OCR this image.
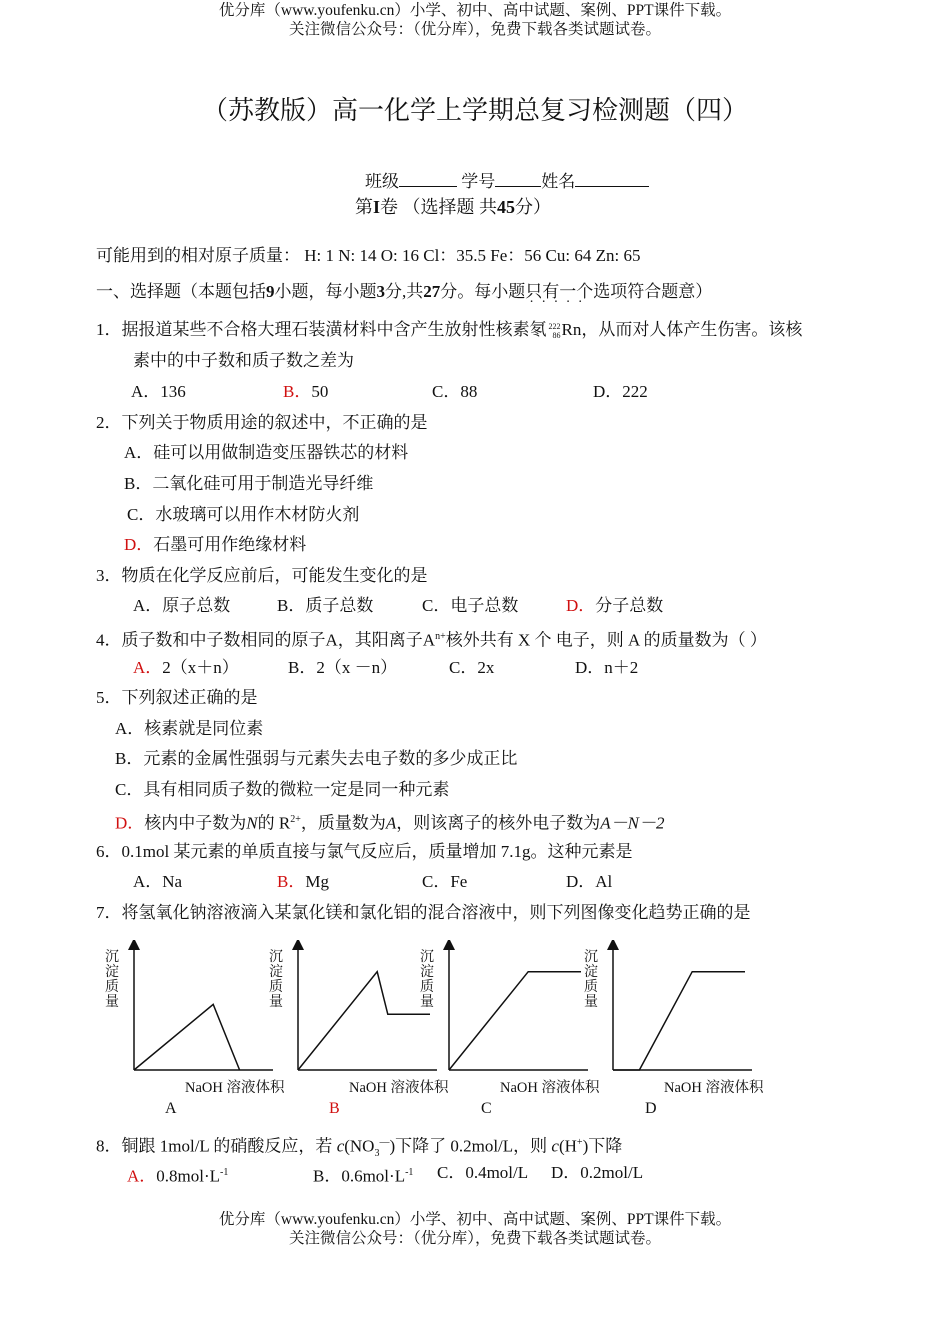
优分库（www.youfenku.cn）小学、初中、高中试题、案例、PPT课件下载。
关注微信公众号：（优分库），免费下载各类试题试卷。
（苏教版）高一化学上学期总复习检测题（四）
班级	学号	姓名
第I卷 （选择题 共45分）
可能用到的相对原子质量： H: 1 N: 14 O: 16 Cl：35.5 Fe：56 Cu: 64 Zn: 65
一、选择题（本题包括9小题，每小题3分,共27分。每小题只有一个 · · 选项符合题意）
1．据报道某些不合格大理石装潢材料中含产生放射性核素氡 222
86 Rn，从而对人体产生伤害。该核
素中的中子数和质子数之差为
A．136	B．50	C．88	D．222
2．下列关于物质用途的叙述中，不正确的是
A．硅可以用做制造变压器铁芯的材料
B．二氧化硅可用于制造光导纤维
C．水玻璃可以用作木材防火剂
D．石墨可用作绝缘材料
3．物质在化学反应前后，可能发生变化的是
A．原子总数	B．质子总数	C．电子总数	D．分子总数
4．质子数和中子数相同的原子A，其阳离子$A^{n+}$核外共有 X 个 电子，则 A 的质量数为（ ）
A．2（x＋n）	B．2（x －n）	C．2x	D．n＋2
5．下列叙述正确的是
A．核素就是同位素
B．元素的金属性强弱与元素失去电子数的多少成正比
C．具有相同质子数的微粒一定是同一种元素
D．核内中子数为N的 $R^{2+}$，质量数为A，则该离子的核外电子数为A－N－2
6．0.1mol 某元素的单质直接与氯气反应后，质量增加 7.1g。这种元素是
A．Na	B．Mg	C．Fe	D．Al
7．将氢氧化钠溶液滴入某氯化镁和氯化铝的混合溶液中，则下列图像变化趋势正确的是
沉淀质量
NaOH 溶液体积
沉淀质量
NaOH 溶液体积
沉淀质量
NaOH 溶液体积
沉淀质量
NaOH 溶液体积
A	B	C	D
8．铜跟 1mol/L 的硝酸反应，若 $c(NO_3^—)$下降了 0.2mol/L，则 c(H+)下降
A．$0.8mol\cdot L^{-1}$	B．$0.6mol\cdot L^{-1}$ C．0.4mol/L D．0.2mol/L
优分库（www.youfenku.cn）小学、初中、高中试题、案例、PPT课件下载。
关注微信公众号：（优分库），免费下载各类试题试卷。
